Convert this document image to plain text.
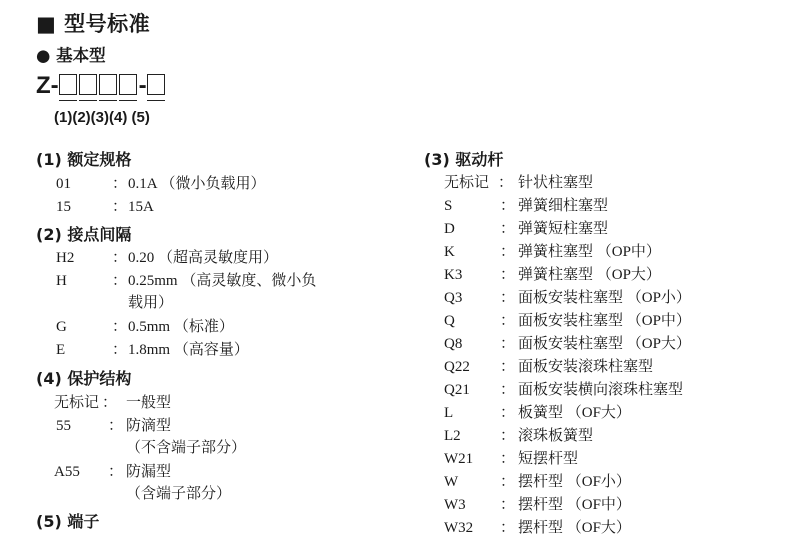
■ 型号标准
● 基本型
Z-	-
(1)(2)(3)(4) (5)
(1) 额定规格
01	： 0.1A （微小负载用）
15	： 15A
(2) 接点间隔
H2	： 0.20 （超高灵敏度用）
H	： 0.25mm （高灵敏度、微小负
载用）
G	： 0.5mm （标准）
E	： 1.8mm （高容量）
(4) 保护结构
无标记 ： 一般型
55 ： 防滴型
（不含端子部分）
A55 ： 防漏型
（含端子部分）
(5) 端子
(3) 驱动杆
无标记 ： 针状柱塞型
S	： 弹簧细柱塞型
D	： 弹簧短柱塞型
K	： 弹簧柱塞型 （OP中）
K3	： 弹簧柱塞型 （OP大）
Q3	： 面板安装柱塞型 （OP小）
Q	： 面板安装柱塞型 （OP中）
Q8	： 面板安装柱塞型 （OP大）
Q22 ： 面板安装滚珠柱塞型
Q21 ： 面板安装横向滚珠柱塞型
L	： 板簧型 （OF大）
L2	： 滚珠板簧型
W21 ： 短摆杆型
W	： 摆杆型 （OF小）
W3 ： 摆杆型 （OF中）
W32 ： 摆杆型 （OF大）
